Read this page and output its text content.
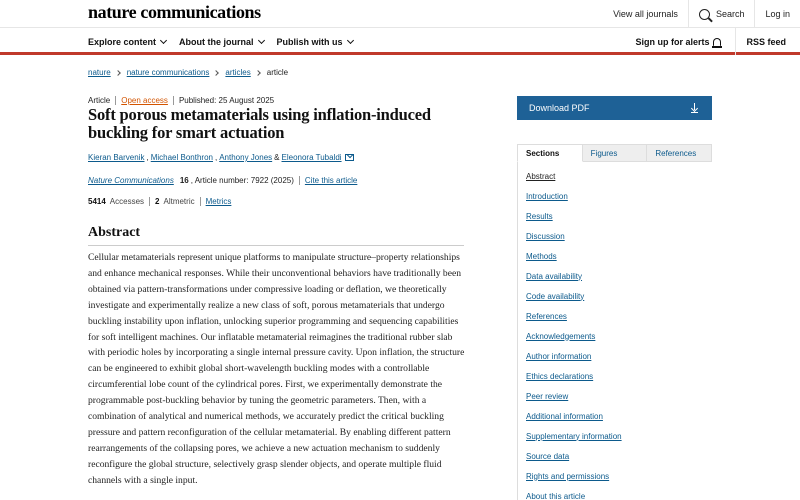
nature communications	View all journals	Search	Log in
Explore content	About the journal	Publish with us	Sign up for alerts	RSS feed
nature nature communications articles article
Article Open access Published: 25 August 2025
Soft porous metamaterials using inflation-induced buckling for smart actuation
Kieran Barvenik , Michael Bonthron , Anthony Jones & Eleonora Tubaldi
Nature Communications 16 , Article number: 7922 (2025) Cite this article
5414 Accesses 2 Altmetric Metrics
Abstract

Cellular metamaterials represent unique platforms to manipulate structure–property relationships and enhance mechanical responses. While their unconventional behaviors have traditionally been obtained via pattern-transformations under compressive loading or deflation, we theoretically investigate and experimentally realize a new class of soft, porous metamaterials that undergo buckling instability upon inflation, unlocking superior programming and sequencing capabilities for soft intelligent machines. Our inflatable metamaterial reimagines the traditional rubber slab with periodic holes by incorporating a single internal pressure cavity. Upon inflation, the structure can be engineered to exhibit global short-wavelength buckling modes with a controllable circumferential lobe count of the cylindrical pores. First, we experimentally demonstrate the programmable post-buckling behavior by tuning the geometric parameters. Then, with a combination of analytical and numerical methods, we accurately predict the critical buckling pressure and pattern reconfiguration of the cellular metamaterial. By enabling different pattern rearrangements of the collapsing pores, we achieve a new actuation mechanism to suddenly reconfigure the global structure, selectively grasp slender objects, and operate multiple fluid channels with a single input.

Download PDF
Sections	Figures	References
Abstract
Introduction
Results
Discussion
Methods
Data availability
Code availability
References
Acknowledgements
Author information
Ethics declarations
Peer review
Additional information
Supplementary information
Source data
Rights and permissions
About this article
